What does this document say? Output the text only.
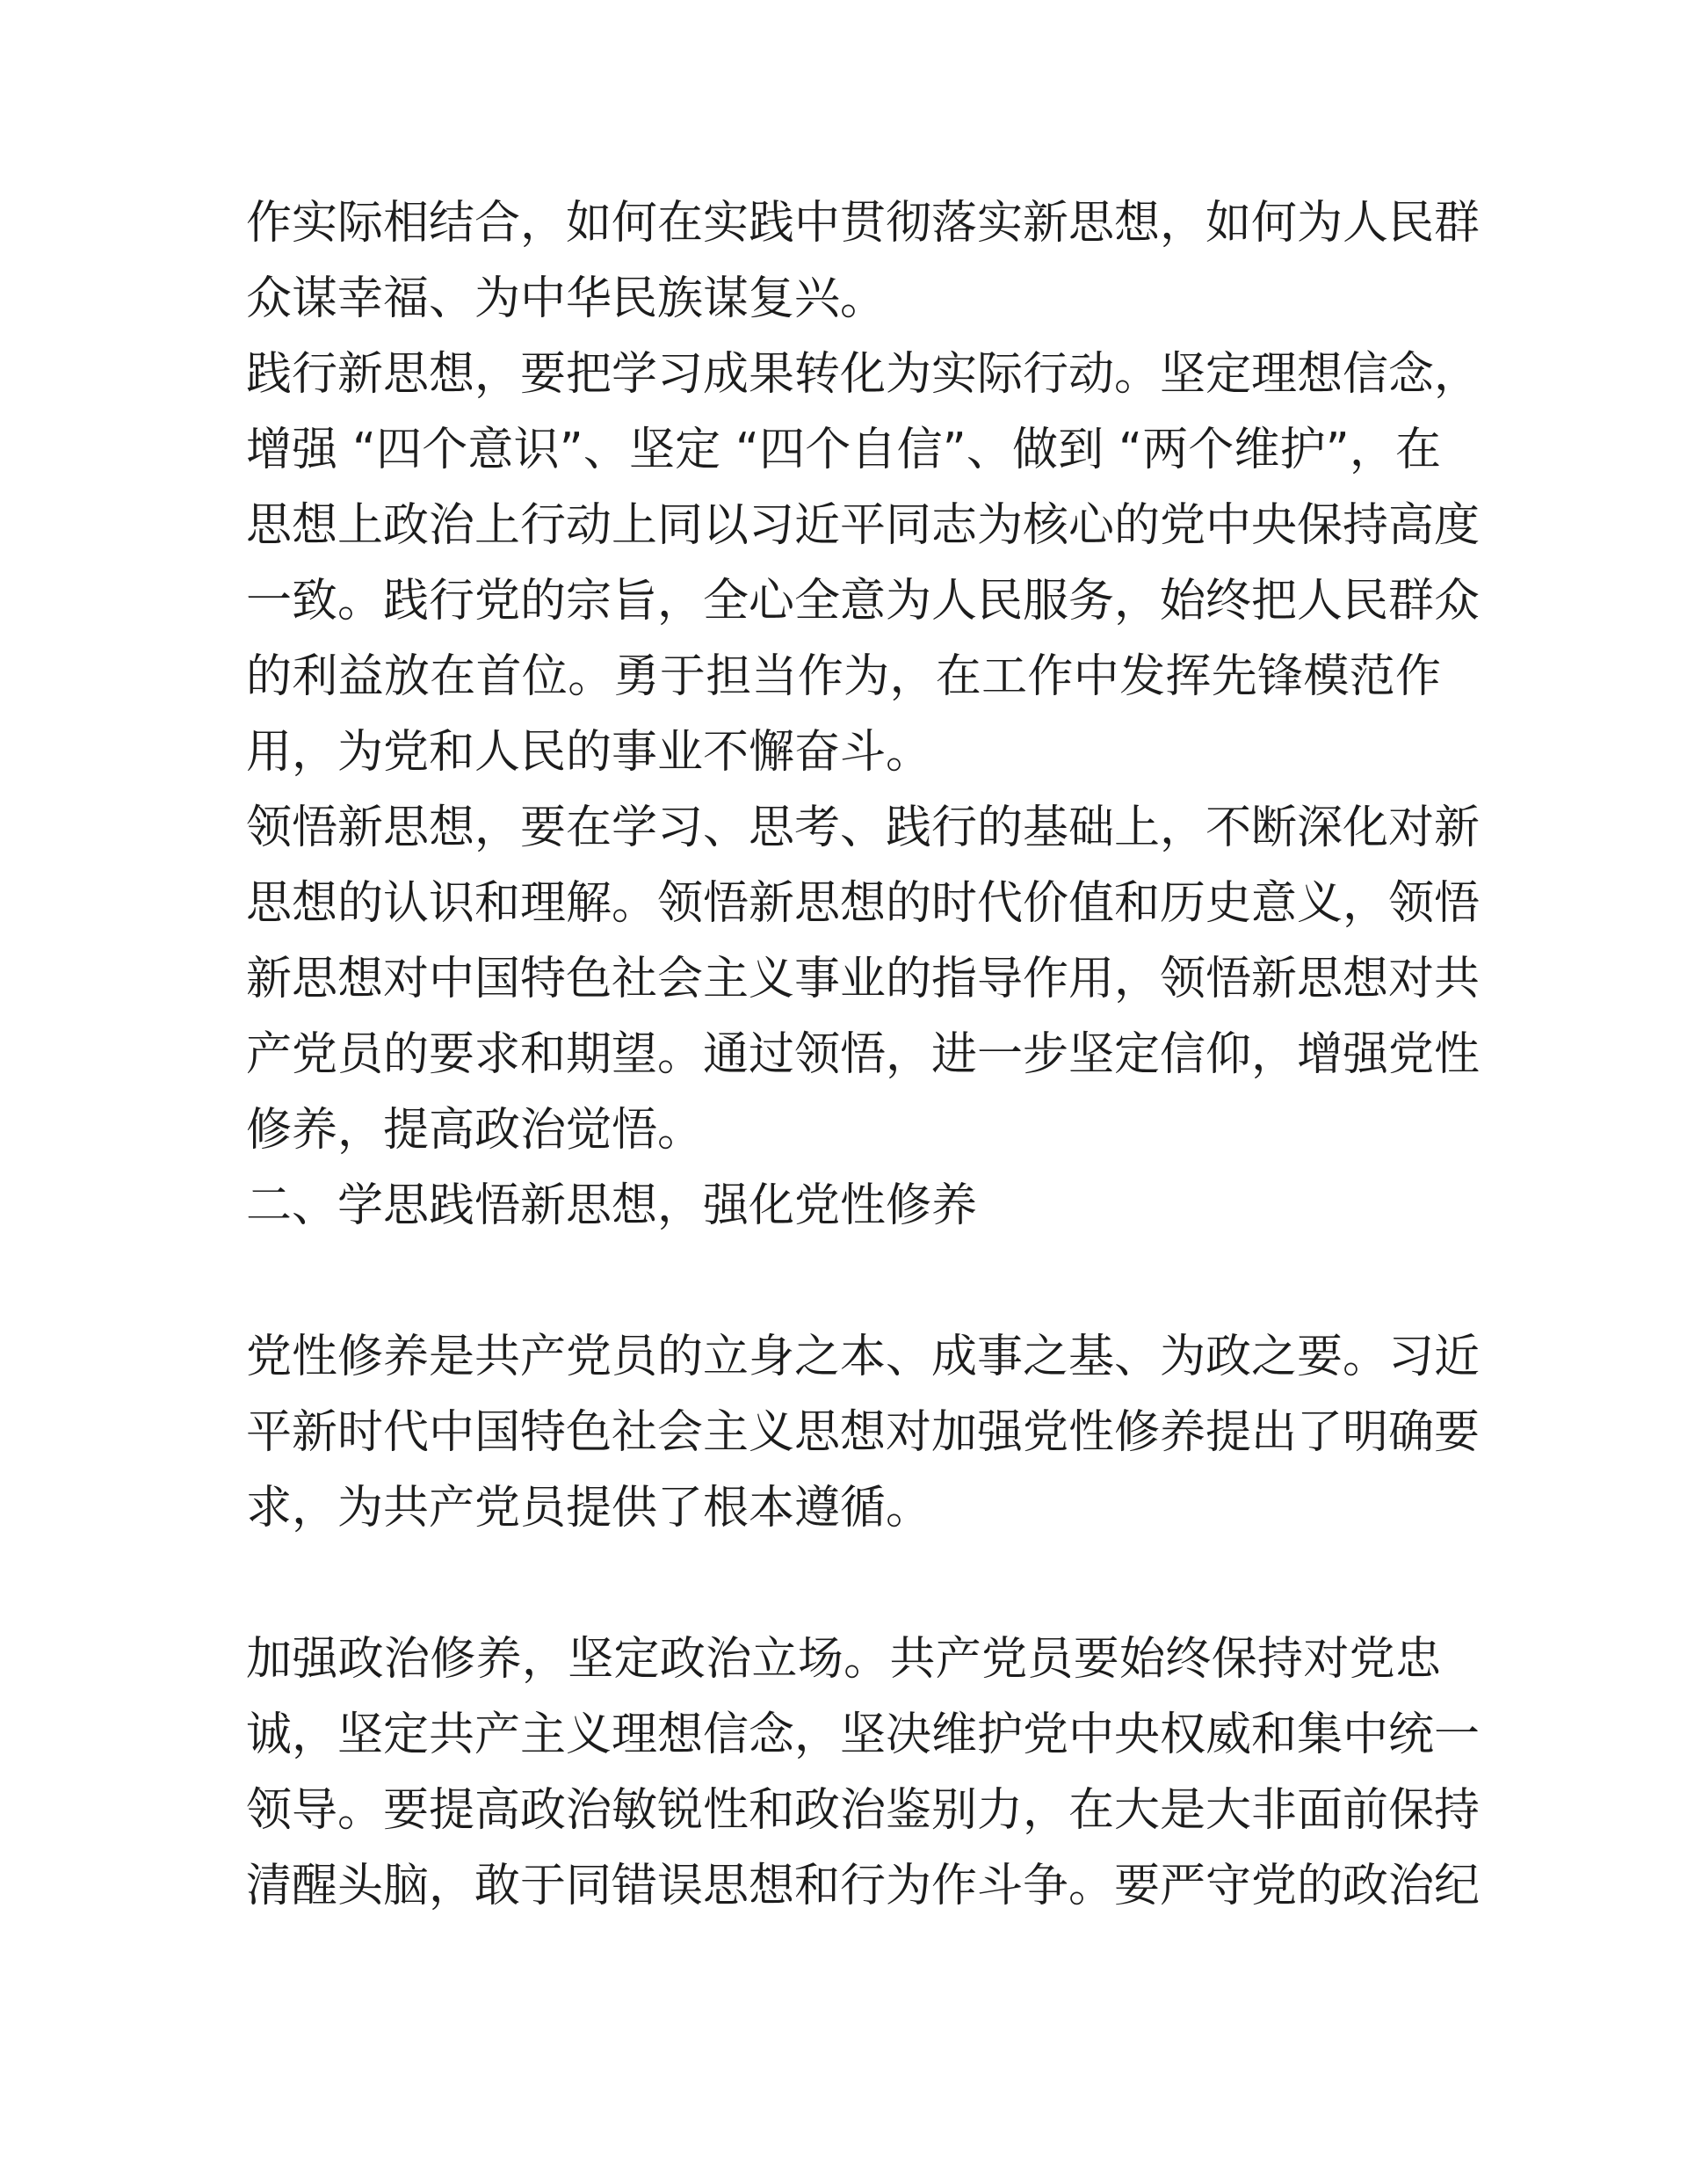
作实际相结合，如何在实践中贯彻落实新思想，如何为人民群
众谋幸福、为中华民族谋复兴。
践行新思想，要把学习成果转化为实际行动。坚定理想信念，
增强 “四个意识”、坚定 “四个自信”、做到 “两个维护”，在
思想上政治上行动上同以习近平同志为核心的党中央保持高度
一致。践行党的宗旨，全心全意为人民服务，始终把人民群众
的利益放在首位。勇于担当作为，在工作中发挥先锋模范作
用，为党和人民的事业不懈奋斗。
领悟新思想，要在学习、思考、践行的基础上，不断深化对新
思想的认识和理解。领悟新思想的时代价值和历史意义，领悟
新思想对中国特色社会主义事业的指导作用，领悟新思想对共
产党员的要求和期望。通过领悟，进一步坚定信仰，增强党性
修养，提高政治觉悟。
二、学思践悟新思想，强化党性修养
党性修养是共产党员的立身之本、成事之基、为政之要。习近
平新时代中国特色社会主义思想对加强党性修养提出了明确要
求，为共产党员提供了根本遵循。
加强政治修养，坚定政治立场。共产党员要始终保持对党忠
诚，坚定共产主义理想信念，坚决维护党中央权威和集中统一
领导。要提高政治敏锐性和政治鉴别力，在大是大非面前保持
清醒头脑，敢于同错误思想和行为作斗争。要严守党的政治纪
